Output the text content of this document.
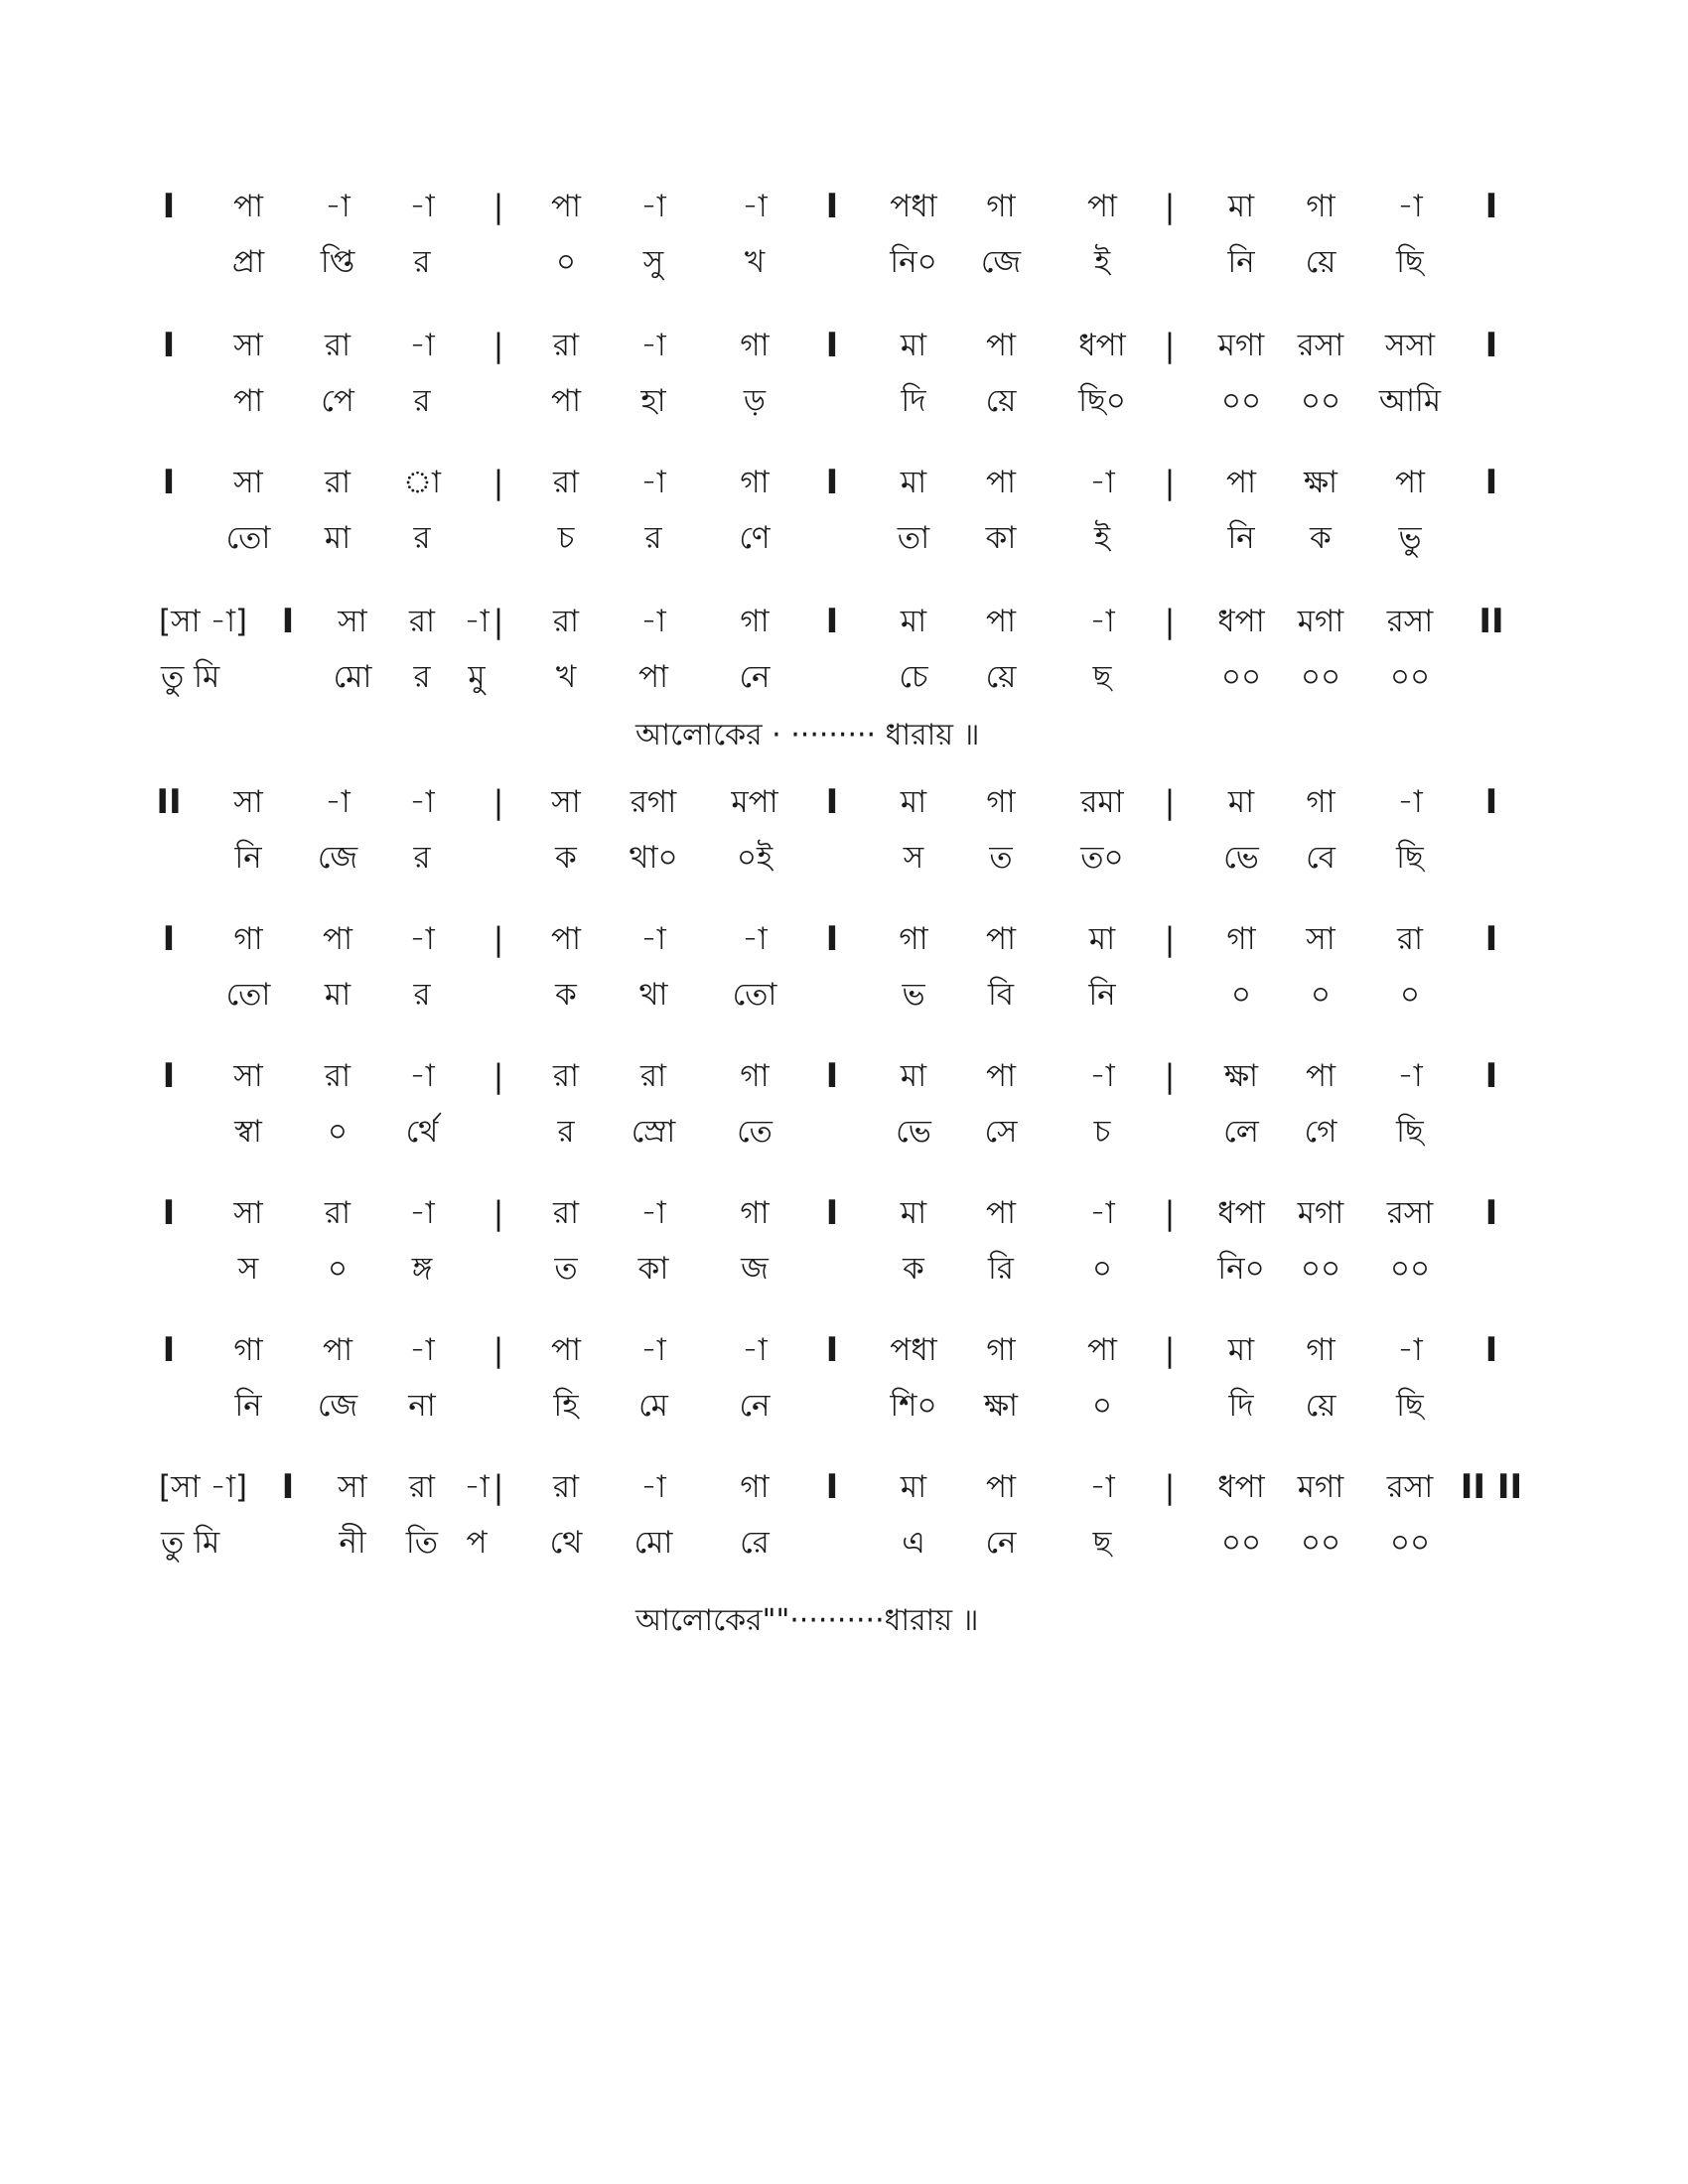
I পা -া -া | পা -া -া I পধা গা পা | মা গা -া I
প্রা প্তি র	০ সু	খ	নি০ জে ই	নি য়ে ছি
I সা রা -া | রা -া গা I মা পা ধপা | মগা রসা সসা I
পা পে র	পা হা	ড়	দি য়ে ছি০	০০ ০০ আমি
I সা রা া | রা -া গা I মা পা -া | পা ক্ষা পা I
তো মা র	চ র	ণে	তা কা	ই	নি ক ভু
[সা -া] I সা রা -া | রা -া গা I মা পা -া | ধপা মগা রসা II
তু মি	মো র মু খ পা নে	চে য়ে ছ	০০ ০০ ০০
আলোকের · ········· ধারায় ॥
II সা -া -া | সা রগা মপা I মা গা রমা | মা গা -া I
নি জে র	ক থা০ ০ই	স ত ত০	ভে বে ছি
I গা পা -া | পা -া -া I গা পা মা | গা সা রা I
তো মা র	ক থা তো	ভ বি নি	০ ০ ০
I সা রা -া | রা রা গা I মা পা -া | ক্ষা পা -া I
স্বা ০ র্থে	র স্রো তে	ভে সে চ	লে গে ছি
I সা রা -া | রা -া গা I মা পা -া | ধপা মগা রসা I
স ০ ঙ্গ	ত কা জ	ক রি	০	নি০ ০০ ০০
I গা পা -া | পা -া -া I পধা গা পা | মা গা -া I
নি জে না	হি মে নে	শি০ ক্ষা ০	দি য়ে ছি
[সা -া] I সা রা -া | রা -া গা I মা পা -া | ধপা মগা রসা II II
তু মি	নী তি প থে মো রে	এ নে ছ	০০ ০০ ০০
আলোকের""··········ধারায় ॥
